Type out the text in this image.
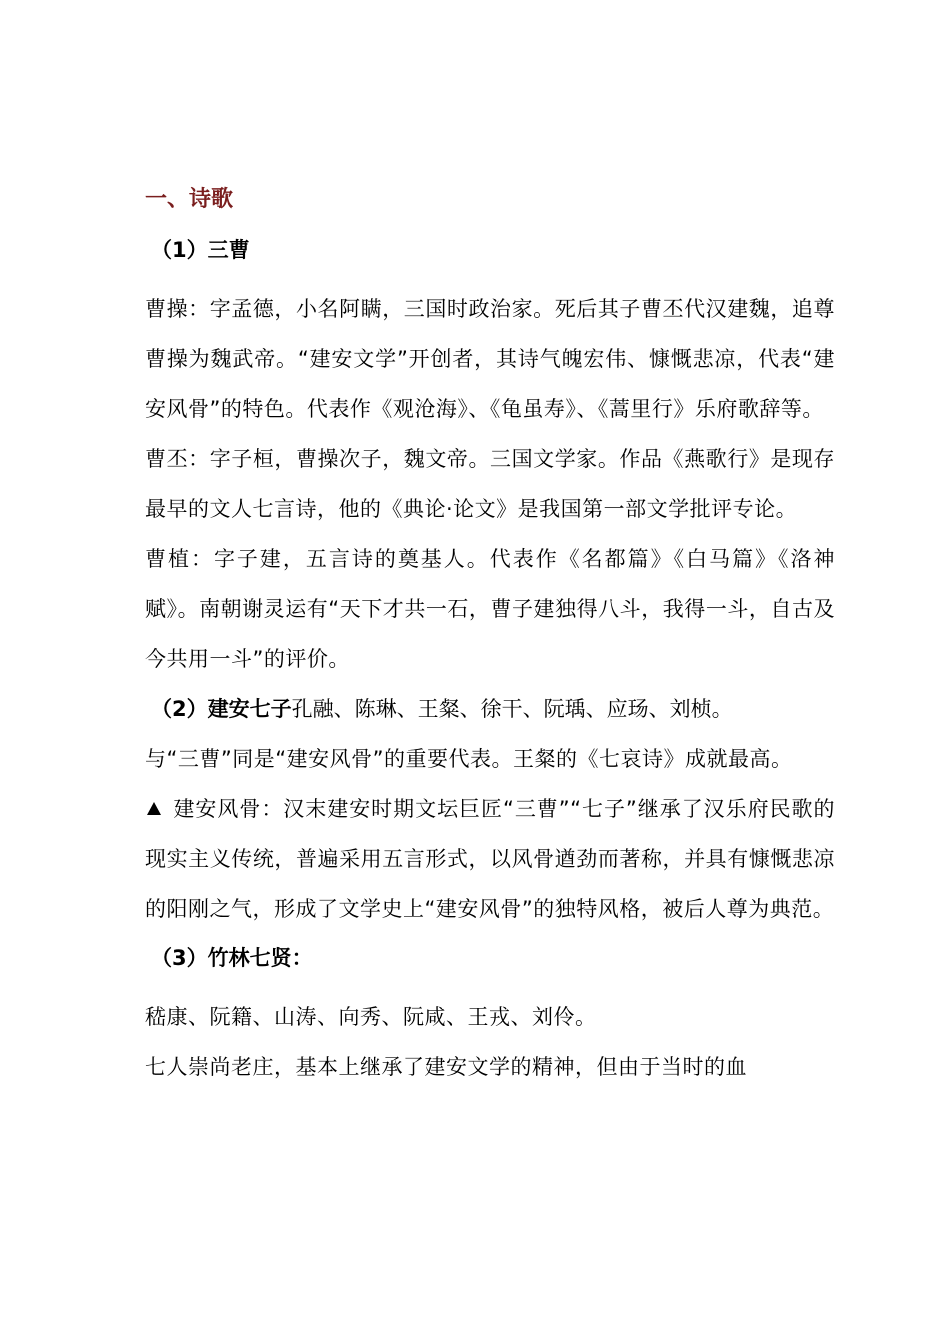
一、诗歌
（1）三曹

曹操：字孟德，小名阿瞒，三国时政治家。死后其子曹丕代汉建魏，追尊曹操为魏武帝。“建安文学”开创者，其诗气魄宏伟、慷慨悲凉，代表“建安风骨”的特色。代表作《观沧海》、《龟虽寿》、《蒿里行》乐府歌辞等。

曹丕：字子桓，曹操次子，魏文帝。三国文学家。作品《燕歌行》是现存最早的文人七言诗，他的《典论·论文》是我国第一部文学批评专论。

曹植：字子建，五言诗的奠基人。代表作《名都篇》《白马篇》《洛神赋》。南朝谢灵运有“天下才共一石，曹子建独得八斗，我得一斗，自古及今共用一斗”的评价。

（2）建安七子孔融、陈琳、王粲、徐干、阮瑀、应玚、刘桢。
与“三曹”同是“建安风骨”的重要代表。王粲的《七哀诗》成就最高。

建安风骨：汉末建安时期文坛巨匠“三曹”“七子”继承了汉乐府民歌的现实主义传统，普遍采用五言形式，以风骨遒劲而著称，并具有慷慨悲凉的阳刚之气，形成了文学史上“建安风骨”的独特风格，被后人尊为典范。

（3）竹林七贤：
嵇康、阮籍、山涛、向秀、阮咸、王戎、刘伶。
七人崇尚老庄，基本上继承了建安文学的精神，但由于当时的血
